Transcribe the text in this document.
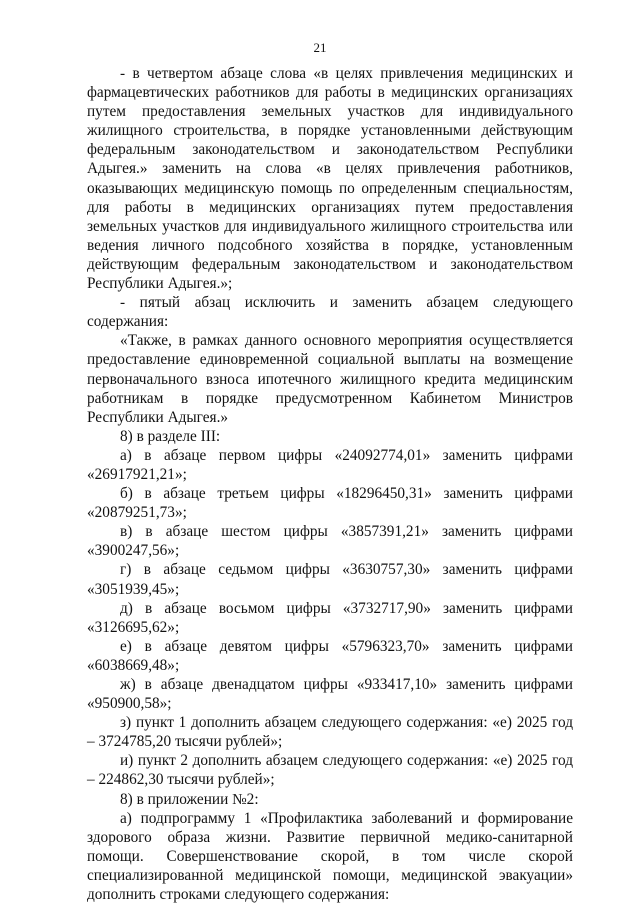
21

- в четвертом абзаце слова «в целях привлечения медицинских и фармацевтических работников для работы в медицинских организациях путем предоставления земельных участков для индивидуального жилищного строительства, в порядке установленными действующим федеральным законодательством и законодательством Республики Адыгея.» заменить на слова «в целях привлечения работников, оказывающих медицинскую помощь по определенным специальностям, для работы в медицинских организациях путем предоставления земельных участков для индивидуального жилищного строительства или ведения личного подсобного хозяйства в порядке, установленным действующим федеральным законодательством и законодательством Республики Адыгея.»;

- пятый абзац исключить и заменить абзацем следующего содержания:

«Также, в рамках данного основного мероприятия осуществляется предоставление единовременной социальной выплаты на возмещение первоначального взноса ипотечного жилищного кредита медицинским работникам в порядке предусмотренном Кабинетом Министров Республики Адыгея.»

8) в разделе III:

а) в абзаце первом цифры «24092774,01» заменить цифрами

«26917921,21»;

б) в абзаце третьем цифры «18296450,31» заменить цифрами

«20879251,73»;

в) в абзаце шестом цифры «3857391,21» заменить цифрами

«3900247,56»;

г) в абзаце седьмом цифры «3630757,30» заменить цифрами

«3051939,45»;

д) в абзаце восьмом цифры «3732717,90» заменить цифрами

«3126695,62»;

е) в абзаце девятом цифры «5796323,70» заменить цифрами

«6038669,48»;

ж) в абзаце двенадцатом цифры «933417,10» заменить цифрами

«950900,58»;

з) пункт 1 дополнить абзацем следующего содержания: «е) 2025 год – 3724785,20 тысячи рублей»;

и) пункт 2 дополнить абзацем следующего содержания: «е) 2025 год – 224862,30 тысячи рублей»;

8) в приложении №2:

а) подпрограмму 1 «Профилактика заболеваний и формирование здорового образа жизни. Развитие первичной медико-санитарной помощи. Совершенствование скорой, в том числе скорой специализированной медицинской помощи, медицинской эвакуации» дополнить строками следующего содержания:
